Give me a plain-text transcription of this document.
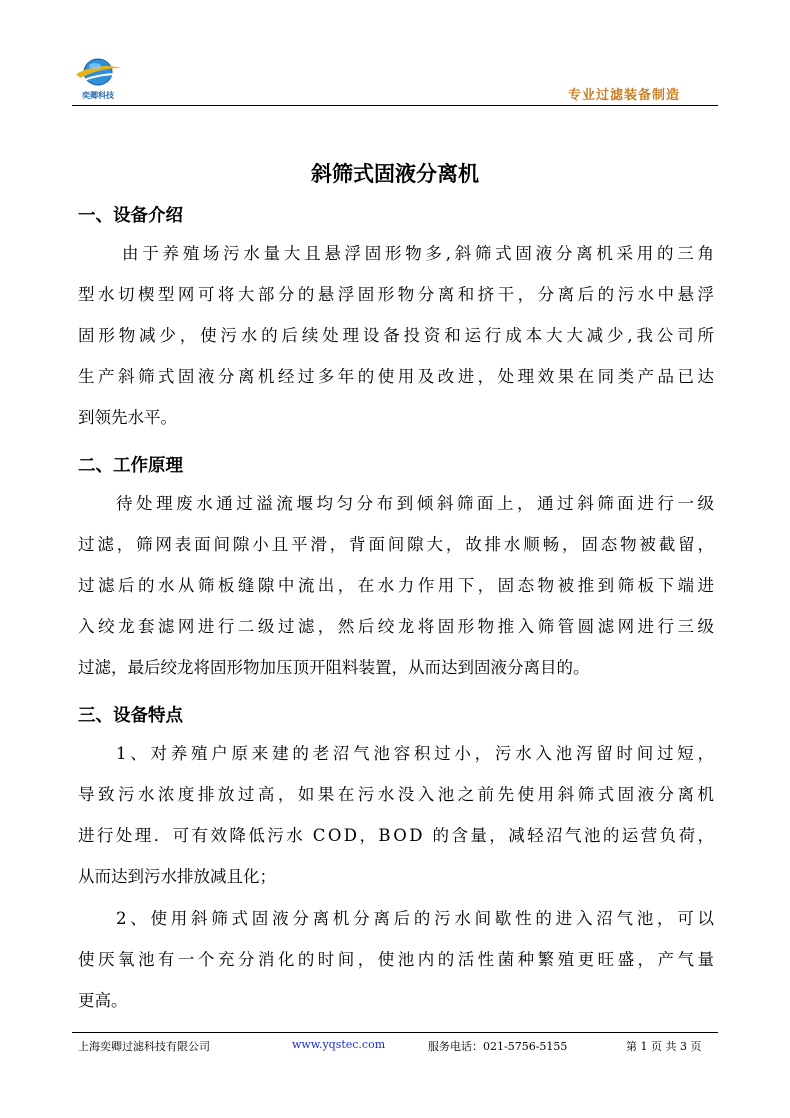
奕卿科技	专业过滤装备制造
斜筛式固液分离机
一、设备介绍
由于养殖场污水量大且悬浮固形物多,斜筛式固液分离机采用的三角
型水切楔型网可将大部分的悬浮固形物分离和挤干，分离后的污水中悬浮
固形物减少，使污水的后续处理设备投资和运行成本大大减少,我公司所
生产斜筛式固液分离机经过多年的使用及改进，处理效果在同类产品已达
到领先水平。
二、工作原理
待处理废水通过溢流堰均匀分布到倾斜筛面上，通过斜筛面进行一级
过滤，筛网表面间隙小且平滑，背面间隙大，故排水顺畅，固态物被截留，
过滤后的水从筛板缝隙中流出，在水力作用下，固态物被推到筛板下端进
入绞龙套滤网进行二级过滤，然后绞龙将固形物推入筛管圆滤网进行三级
过滤，最后绞龙将固形物加压顶开阻料装置，从而达到固液分离目的。
三、设备特点
1、对养殖户原来建的老沼气池容积过小，污水入池泻留时间过短，
导致污水浓度排放过高，如果在污水没入池之前先使用斜筛式固液分离机
进行处理．可有效降低污水 COD，BOD 的含量，减轻沼气池的运营负荷，
从而达到污水排放减且化；
2、使用斜筛式固液分离机分离后的污水间歇性的进入沼气池，可以
使厌氧池有一个充分消化的时间，使池内的活性菌种繁殖更旺盛，产气量
更高。
上海奕卿过滤科技有限公司	www.yqstec.com	服务电话：021-5756-5155	第 1 页 共 3 页
